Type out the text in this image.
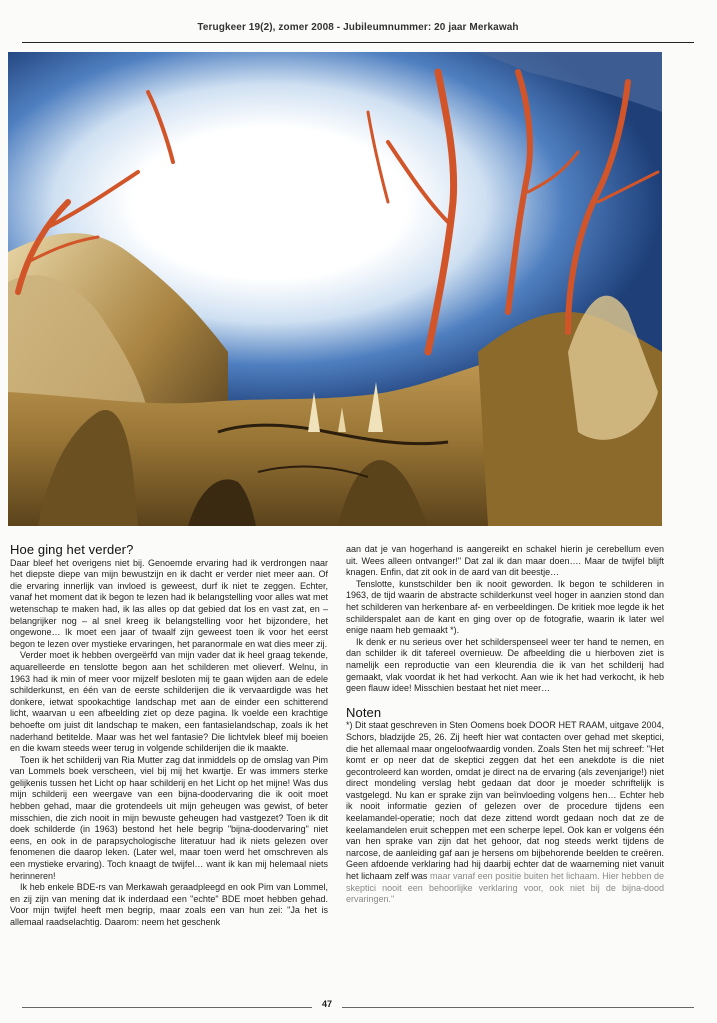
Terugkeer 19(2), zomer 2008 - Jubileumnummer: 20 jaar Merkawah
Hoe ging het verder?

Daar bleef het overigens niet bij. Genoemde ervaring had ik verdrongen naar het diepste diepe van mijn bewustzijn en ik dacht er verder niet meer aan. Of die ervaring innerlijk van invloed is geweest, durf ik niet te zeggen. Echter, vanaf het moment dat ik begon te lezen had ik belangstelling voor alles wat met wetenschap te maken had, ik las alles op dat gebied dat los en vast zat, en – belangrijker nog – al snel kreeg ik belangstelling voor het bijzondere, het ongewone… Ik moet een jaar of twaalf zijn geweest toen ik voor het eerst begon te lezen over mystieke ervaringen, het paranormale en wat dies meer zij.

Verder moet ik hebben overgeërfd van mijn vader dat ik heel graag tekende, aquarelleerde en tenslotte begon aan het schilderen met olieverf. Welnu, in 1963 had ik min of meer voor mijzelf besloten mij te gaan wijden aan de edele schilderkunst, en één van de eerste schilderijen die ik vervaardigde was het donkere, ietwat spookachtige landschap met aan de einder een schitterend licht, waarvan u een afbeelding ziet op deze pagina. Ik voelde een krachtige behoefte om juist dit landschap te maken, een fantasielandschap, zoals ik het naderhand betitelde. Maar was het wel fantasie? Die lichtvlek bleef mij boeien en die kwam steeds weer terug in volgende schilderijen die ik maakte.

Toen ik het schilderij van Ria Mutter zag dat inmiddels op de omslag van Pim van Lommels boek verscheen, viel bij mij het kwartje. Er was immers sterke gelijkenis tussen het Licht op haar schilderij en het Licht op het mijne! Was dus mijn schilderij een weergave van een bijna-doodervaring die ik ooit moet hebben gehad, maar die grotendeels uit mijn geheugen was gewist, of beter misschien, die zich nooit in mijn bewuste geheugen had vastgezet? Toen ik dit doek schilderde (in 1963) bestond het hele begrip "bijna-doodervaring" niet eens, en ook in de parapsychologische literatuur had ik niets gelezen over fenomenen die daarop leken. (Later wel, maar toen werd het omschreven als een mystieke ervaring). Toch knaagt de twijfel… want ik kan mij helemaal niets herinneren!

Ik heb enkele BDE-rs van Merkawah geraadpleegd en ook Pim van Lommel, en zij zijn van mening dat ik inderdaad een "echte" BDE moet hebben gehad. Voor mijn twijfel heeft men begrip, maar zoals een van hun zei: "Ja het is allemaal raadselachtig. Daarom: neem het geschenk

aan dat je van hogerhand is aangereikt en schakel hierin je cerebellum even uit. Wees alleen ontvanger!" Dat zal ik dan maar doen…. Maar de twijfel blijft knagen. Enfin, dat zit ook in de aard van dit beestje…

Tenslotte, kunstschilder ben ik nooit geworden. Ik begon te schilderen in 1963, de tijd waarin de abstracte schilderkunst veel hoger in aanzien stond dan het schilderen van herkenbare af- en verbeeldingen. De kritiek moe legde ik het schilderspalet aan de kant en ging over op de fotografie, waarin ik later wel enige naam heb gemaakt *).

Ik denk er nu serieus over het schilderspenseel weer ter hand te nemen, en dan schilder ik dit tafereel overnieuw. De afbeelding die u hierboven ziet is namelijk een reproductie van een kleurendia die ik van het schilderij had gemaakt, vlak voordat ik het had verkocht. Aan wie ik het had verkocht, ik heb geen flauw idee! Misschien bestaat het niet meer…

Noten

*) Dit staat geschreven in Sten Oomens boek DOOR HET RAAM, uitgave 2004, Schors, bladzijde 25, 26. Zij heeft hier wat contacten over gehad met skeptici, die het allemaal maar ongeloofwaardig vonden. Zoals Sten het mij schreef: "Het komt er op neer dat de skeptici zeggen dat het een anekdote is die niet gecontroleerd kan worden, omdat je direct na de ervaring (als zevenjarige!) niet direct mondeling verslag hebt gedaan dat door je moeder schriftelijk is vastgelegd. Nu kan er sprake zijn van beïnvloeding volgens hen… Echter heb ik nooit informatie gezien of gelezen over de procedure tijdens een keelamandel-operatie; noch dat deze zittend wordt gedaan noch dat ze de keelamandelen eruit scheppen met een scherpe lepel. Ook kan er volgens één van hen sprake van zijn dat het gehoor, dat nog steeds werkt tijdens de narcose, de aanleiding gaf aan je hersens om bijbehorende beelden te creëren. Geen afdoende verklaring had hij daarbij echter dat de waarneming niet vanuit het lichaam zelf was maar vanaf een positie buiten het lichaam. Hier hebben de skeptici nooit een behoorlijke verklaring voor, ook niet bij de bijna-dood ervaringen."

47
